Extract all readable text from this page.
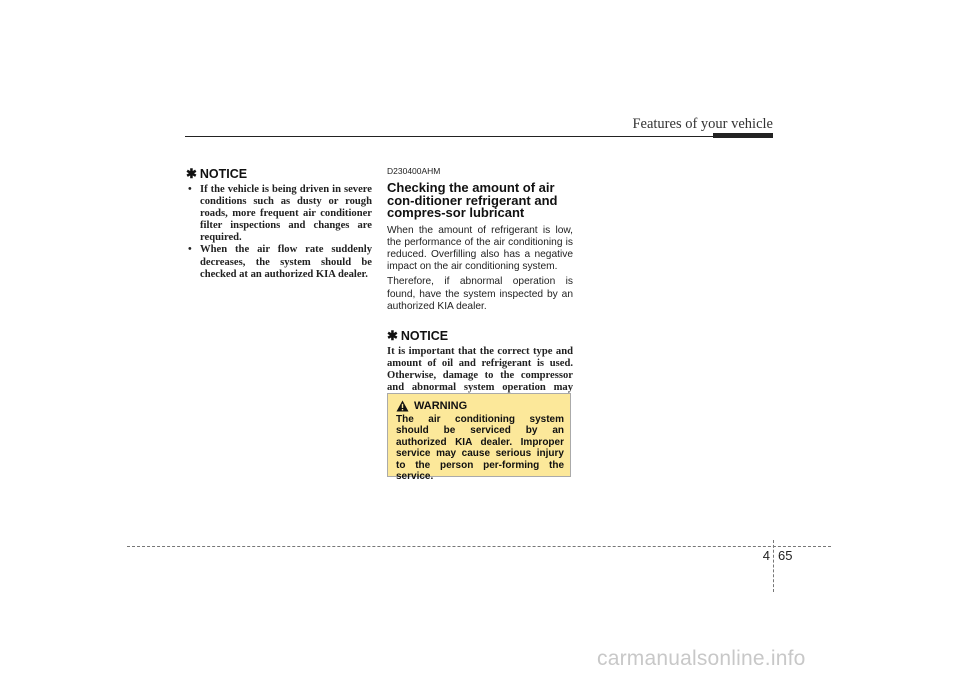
Features of your vehicle
✱ NOTICE
• If the vehicle is being driven in severe conditions such as dusty or rough roads, more frequent air conditioner filter inspections and changes are required.
• When the air flow rate suddenly decreases, the system should be checked at an authorized KIA dealer.
D230400AHM
Checking the amount of air con-ditioner refrigerant and compres-sor lubricant

When the amount of refrigerant is low, the performance of the air conditioning is reduced. Overfilling also has a negative impact on the air conditioning system.

Therefore, if abnormal operation is found, have the system inspected by an authorized KIA dealer.

✱ NOTICE

It is important that the correct type and amount of oil and refrigerant is used. Otherwise, damage to the compressor and abnormal system operation may

WARNING
The air conditioning system should be serviced by an authorized KIA dealer. Improper service may cause serious injury to the person per-forming the service.
4 65
carmanualsonline.info
